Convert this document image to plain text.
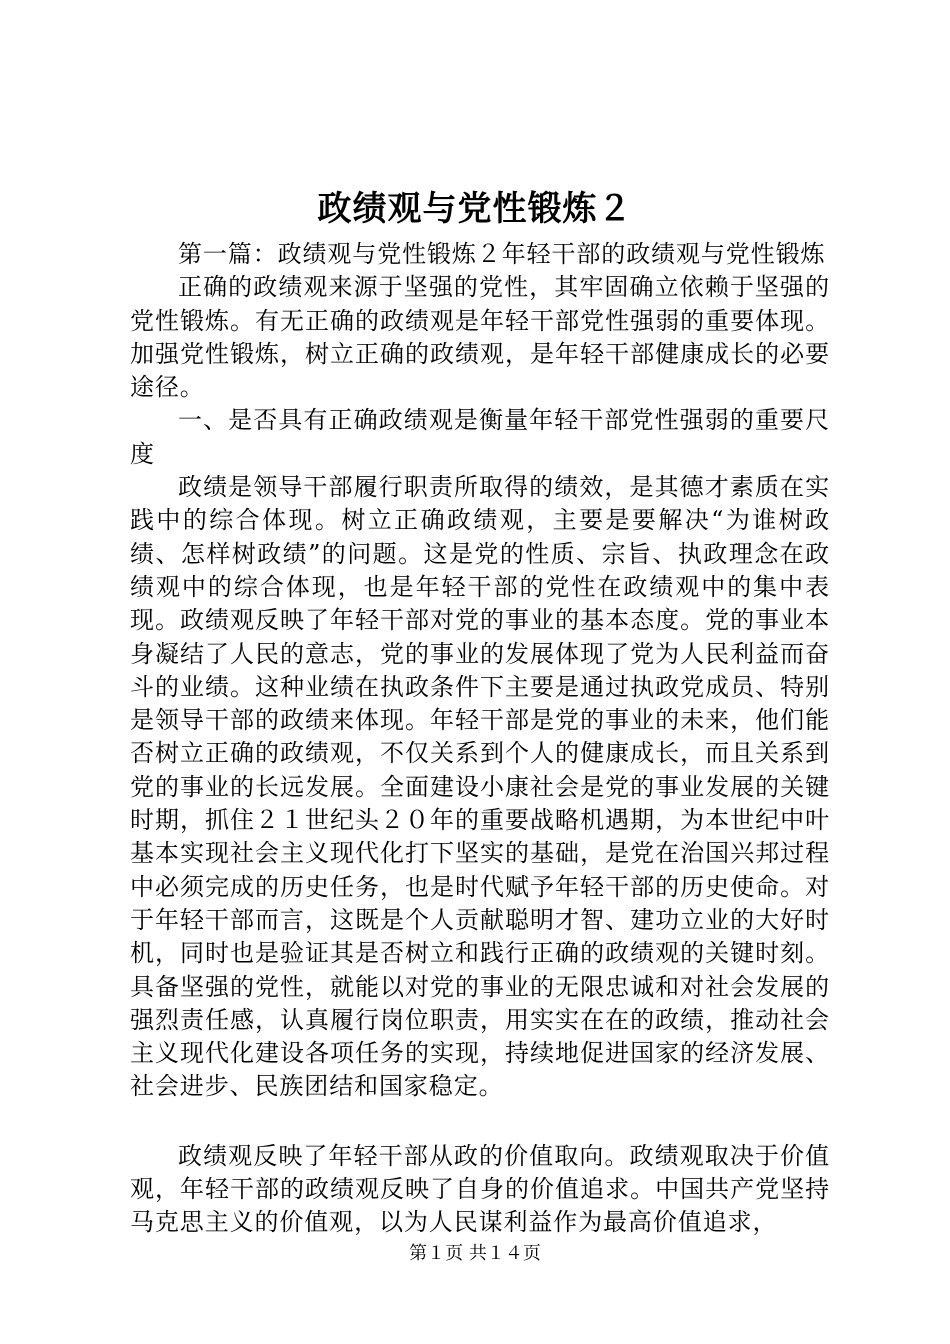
政绩观与党性锻炼２

第一篇：政绩观与党性锻炼２年轻干部的政绩观与党性锻炼

正确的政绩观来源于坚强的党性，其牢固确立依赖于坚强的党性锻炼。有无正确的政绩观是年轻干部党性强弱的重要体现。加强党性锻炼，树立正确的政绩观，是年轻干部健康成长的必要途径。

一、是否具有正确政绩观是衡量年轻干部党性强弱的重要尺度

政绩是领导干部履行职责所取得的绩效，是其德才素质在实践中的综合体现。树立正确政绩观，主要是要解决“为谁树政绩、怎样树政绩”的问题。这是党的性质、宗旨、执政理念在政绩观中的综合体现，也是年轻干部的党性在政绩观中的集中表现。政绩观反映了年轻干部对党的事业的基本态度。党的事业本身凝结了人民的意志，党的事业的发展体现了党为人民利益而奋斗的业绩。这种业绩在执政条件下主要是通过执政党成员、特别是领导干部的政绩来体现。年轻干部是党的事业的未来，他们能否树立正确的政绩观，不仅关系到个人的健康成长，而且关系到党的事业的长远发展。全面建设小康社会是党的事业发展的关键时期，抓住２１世纪头２０年的重要战略机遇期，为本世纪中叶基本实现社会主义现代化打下坚实的基础，是党在治国兴邦过程中必须完成的历史任务，也是时代赋予年轻干部的历史使命。对于年轻干部而言，这既是个人贡献聪明才智、建功立业的大好时机，同时也是验证其是否树立和践行正确的政绩观的关键时刻。具备坚强的党性，就能以对党的事业的无限忠诚和对社会发展的强烈责任感，认真履行岗位职责，用实实在在的政绩，推动社会主义现代化建设各项任务的实现，持续地促进国家的经济发展、社会进步、民族团结和国家稳定。

政绩观反映了年轻干部从政的价值取向。政绩观取决于价值观，年轻干部的政绩观反映了自身的价值追求。中国共产党坚持马克思主义的价值观，以为人民谋利益作为最高价值追求，

第１页 共１４页
